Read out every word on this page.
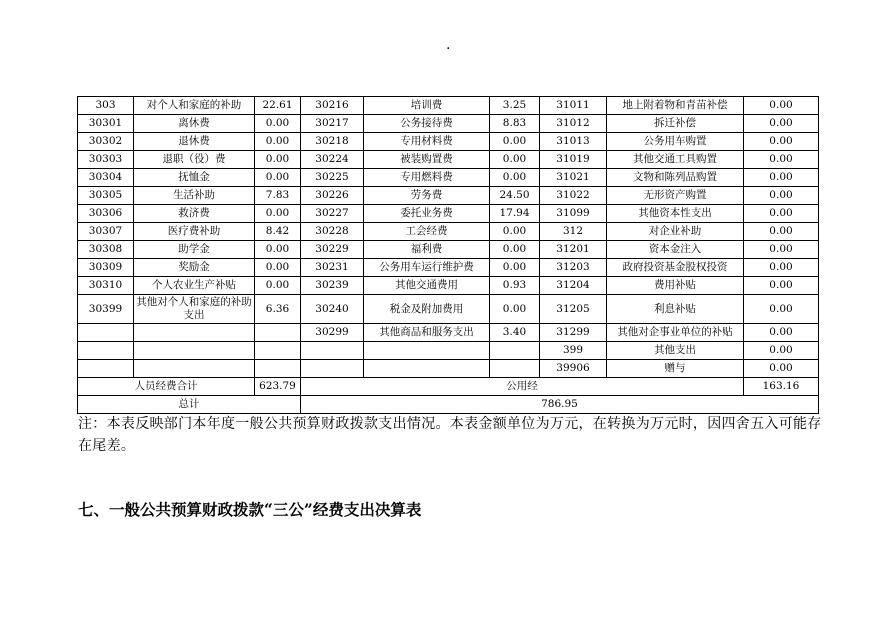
.
303	对个人和家庭的补助	22.61	30216	培训费	3.25	31011	地上附着物和青苗补偿	0.00
30301	离休费	0.00	30217	公务接待费	8.83	31012	拆迁补偿	0.00
30302	退休费	0.00	30218	专用材料费	0.00	31013	公务用车购置	0.00
30303	退职（役）费	0.00	30224	被装购置费	0.00	31019	其他交通工具购置	0.00
30304	抚恤金	0.00	30225	专用燃料费	0.00	31021	文物和陈列品购置	0.00
30305	生活补助	7.83	30226	劳务费	24.50	31022	无形资产购置	0.00
30306	救济费	0.00	30227	委托业务费	17.94	31099	其他资本性支出	0.00
30307	医疗费补助	8.42	30228	工会经费	0.00	312	对企业补助	0.00
30308	助学金	0.00	30229	福利费	0.00	31201	资本金注入	0.00
30309	奖励金	0.00	30231	公务用车运行维护费	0.00	31203	政府投资基金股权投资	0.00
30310	个人农业生产补贴	0.00	30239	其他交通费用	0.93	31204	费用补贴	0.00
30399	其他对个人和家庭的补助支出	6.36	30240	税金及附加费用	0.00	31205	利息补贴	0.00
			30299	其他商品和服务支出	3.40	31299	其他对企事业单位的补贴	0.00
						399	其他支出	0.00
						39906	赠与	0.00
人员经费合计		623.79	公用经					163.16
总计			786.95					
注：本表反映部门本年度一般公共预算财政拨款支出情况。本表金额单位为万元，在转换为万元时，因四舍五入可能存在尾差。
七、一般公共预算财政拨款“三公”经费支出决算表
